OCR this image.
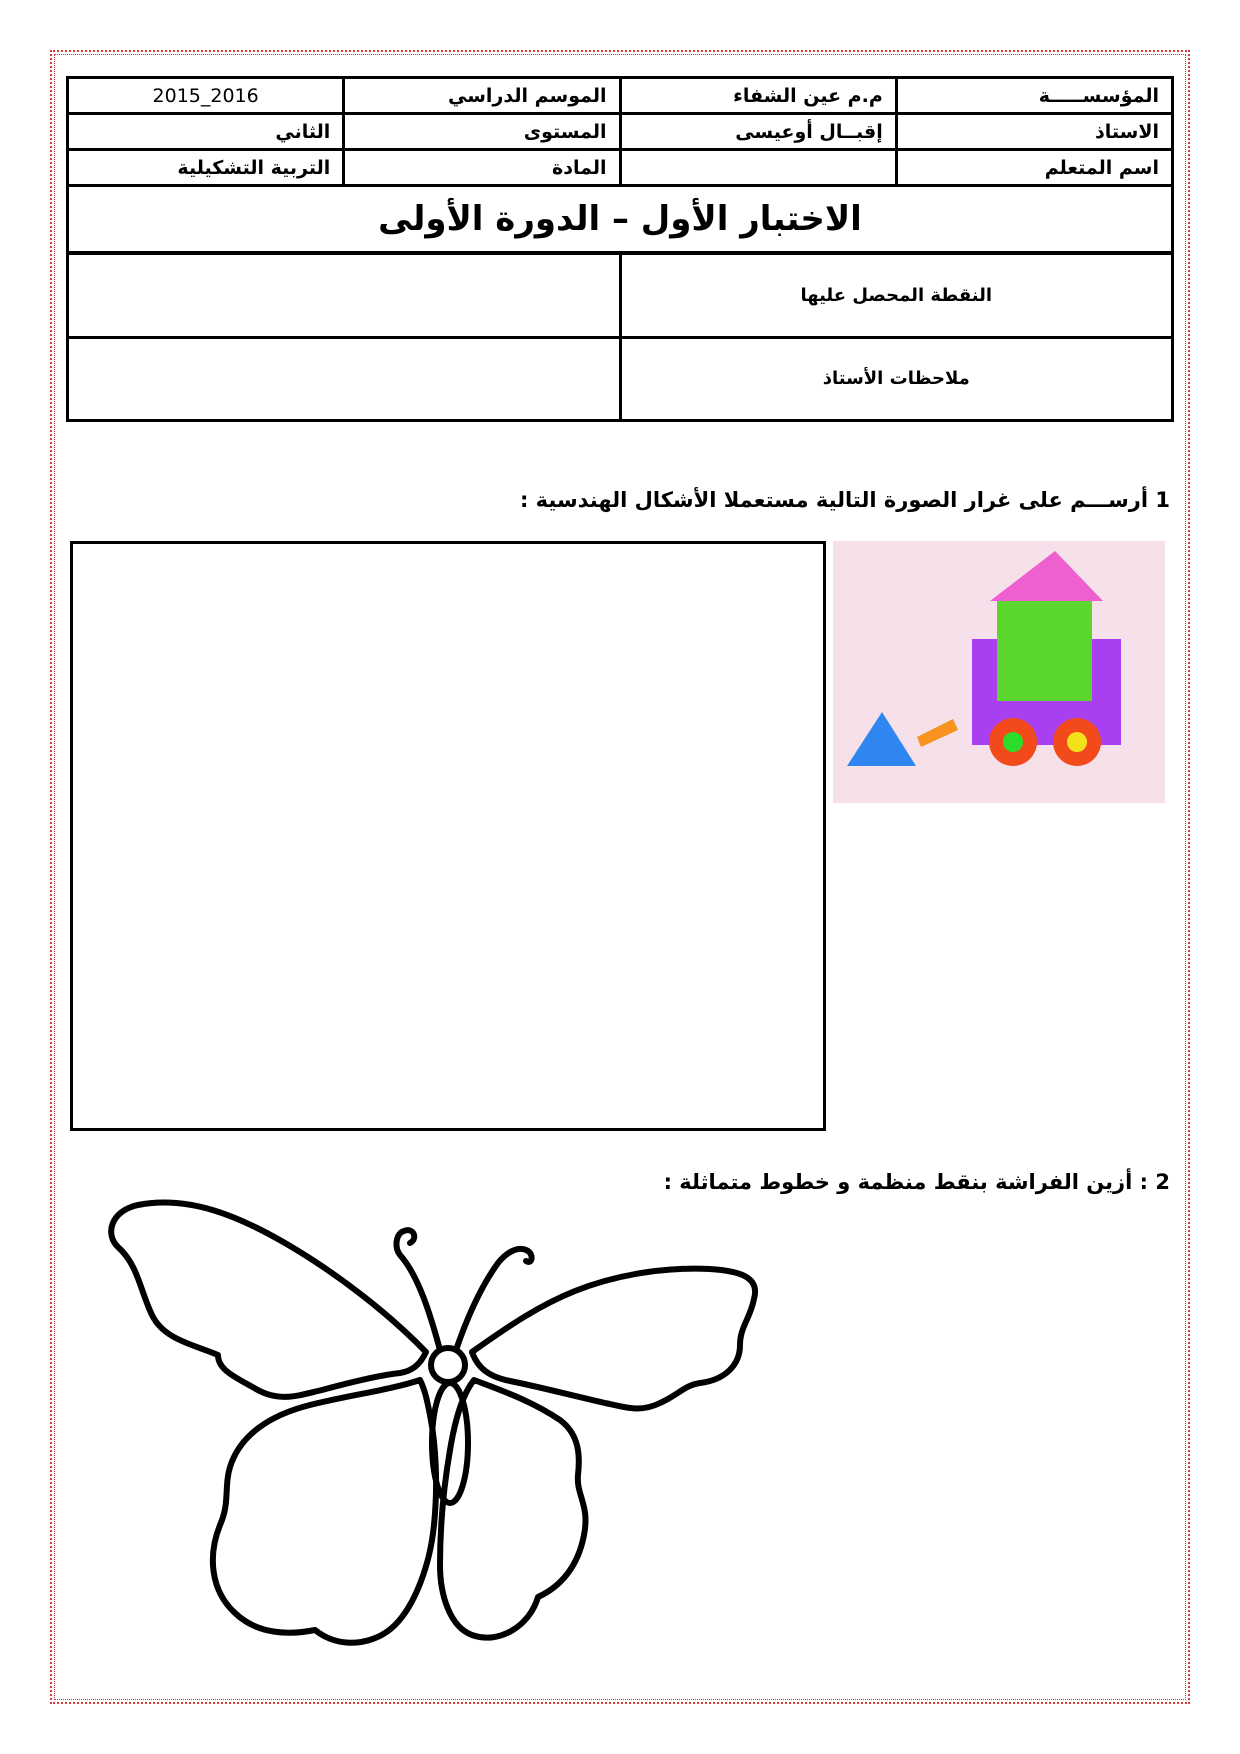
المؤسســـــة	م.م عين الشفاء	الموسم الدراسي	2016_2015
الاستاذ	إقبــال أوعيسى	المستوى	الثاني
اسم المتعلم		المادة	التربية التشكيلية
الاختبار الأول – الدورة الأولى
النقطة المحصل عليها	
ملاحظات الأستاذ	
1 أرســـم على غرار الصورة التالية مستعملا الأشكال الهندسية :
2 : أزين الفراشة بنقط منظمة و خطوط متماثلة :
